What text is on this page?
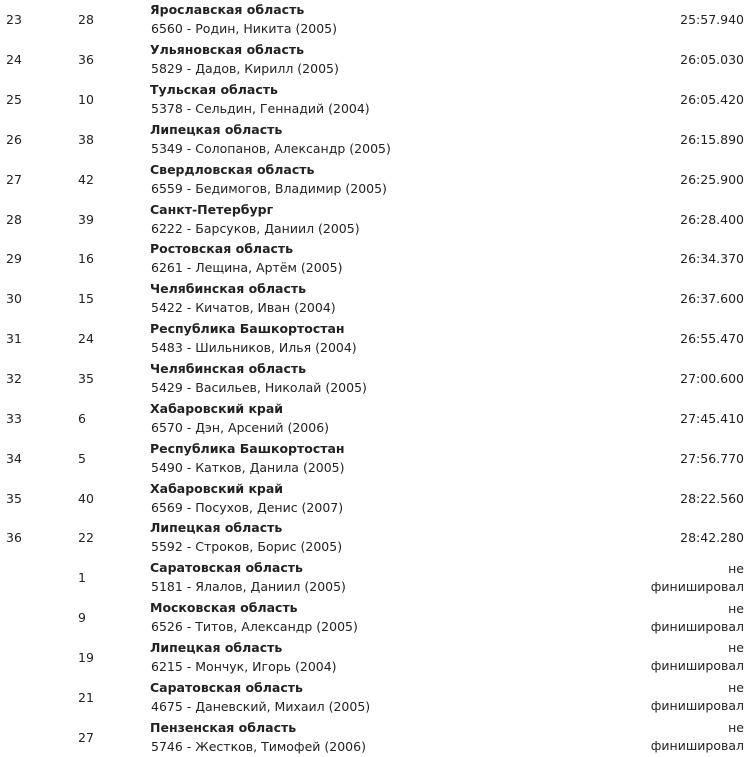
23	28	Ярославская область
6560 - Родин, Никита (2005)	25:57.940
24	36	Ульяновская область
5829 - Дадов, Кирилл (2005)	26:05.030
25	10	Тульская область
5378 - Сельдин, Геннадий (2004)	26:05.420
26	38	Липецкая область
5349 - Солопанов, Александр (2005)	26:15.890
27	42	Свердловская область
6559 - Бедимогов, Владимир (2005)	26:25.900
28	39	Санкт-Петербург
6222 - Барсуков, Даниил (2005)	26:28.400
29	16	Ростовская область
6261 - Лещина, Артём (2005)	26:34.370
30	15	Челябинская область
5422 - Кичатов, Иван (2004)	26:37.600
31	24	Республика Башкортостан
5483 - Шильников, Илья (2004)	26:55.470
32	35	Челябинская область
5429 - Васильев, Николай (2005)	27:00.600
33	6	Хабаровский край
6570 - Дэн, Арсений (2006)	27:45.410
34	5	Республика Башкортостан
5490 - Катков, Данила (2005)	27:56.770
35	40	Хабаровский край
6569 - Посухов, Денис (2007)	28:22.560
36	22	Липецкая область
5592 - Строков, Борис (2005)	28:42.280
	1	Саратовская область
5181 - Ялалов, Даниил (2005)	не
финишировал

	9	Московская область
6526 - Титов, Александр (2005)	не
финишировал

	19	Липецкая область
6215 - Мончук, Игорь (2004)	не
финишировал

	21	Саратовская область
4675 - Даневский, Михаил (2005)	не
финишировал

	27	Пензенская область
5746 - Жестков, Тимофей (2006)	не
финишировал
